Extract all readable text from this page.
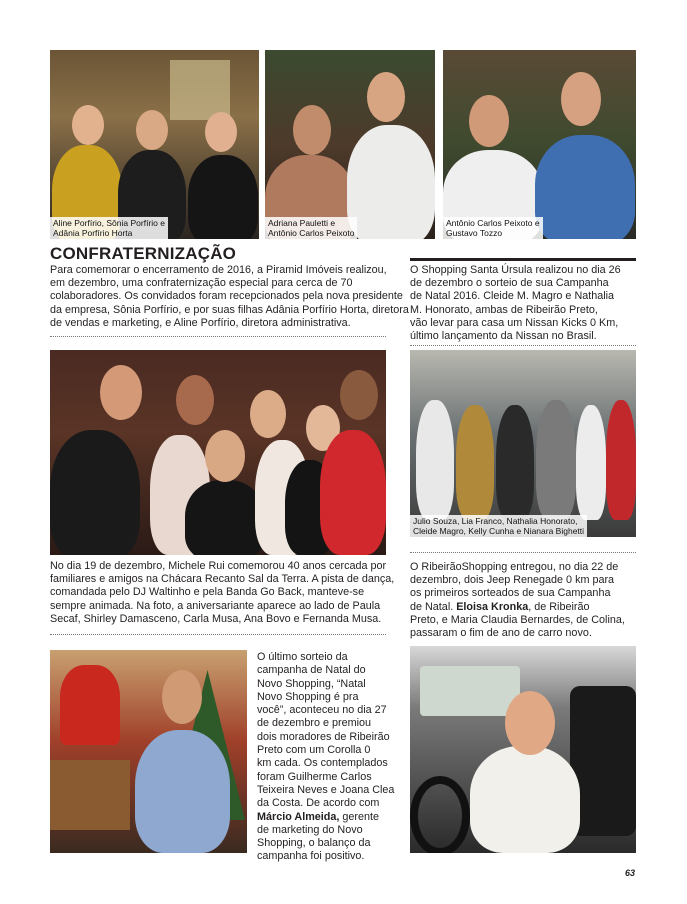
Aline Porfírio, Sônia Porfírio e
Adânia Porfírio Horta
Adriana Pauletti e
Antônio Carlos Peixoto
Antônio Carlos Peixoto e
Gustavo Tozzo
CONFRATERNIZAÇÃO
Para comemorar o encerramento de 2016, a Piramid Imóveis realizou,
em dezembro, uma confraternização especial para cerca de 70
colaboradores. Os convidados foram recepcionados pela nova presidente
da empresa, Sônia Porfírio, e por suas filhas Adânia Porfírio Horta, diretora
de vendas e marketing, e Aline Porfírio, diretora administrativa.
O Shopping Santa Úrsula realizou no dia 26
de dezembro o sorteio de sua Campanha
de Natal 2016. Cleide M. Magro e Nathalia
M. Honorato, ambas de Ribeirão Preto,
vão levar para casa um Nissan Kicks 0 Km,
último lançamento da Nissan no Brasil.
Julio Souza, Lia Franco, Nathalia Honorato,
Cleide Magro, Kelly Cunha e Nianara Bighetti
No dia 19 de dezembro, Michele Rui comemorou 40 anos cercada por
familiares e amigos na Chácara Recanto Sal da Terra. A pista de dança,
comandada pelo DJ Waltinho e pela Banda Go Back, manteve-se
sempre animada. Na foto, a aniversariante aparece ao lado de Paula
Secaf, Shirley Damasceno, Carla Musa, Ana Bovo e Fernanda Musa.
O RibeirãoShopping entregou, no dia 22 de
dezembro, dois Jeep Renegade 0 km para
os primeiros sorteados de sua Campanha
de Natal. Eloisa Kronka, de Ribeirão
Preto, e Maria Claudia Bernardes, de Colina,
passaram o fim de ano de carro novo.
O último sorteio da
campanha de Natal do
Novo Shopping, “Natal
Novo Shopping é pra
você”, aconteceu no dia 27
de dezembro e premiou
dois moradores de Ribeirão
Preto com um Corolla 0
km cada. Os contemplados
foram Guilherme Carlos
Teixeira Neves e Joana Clea
da Costa. De acordo com
Márcio Almeida, gerente
de marketing do Novo
Shopping, o balanço da
campanha foi positivo.
63
